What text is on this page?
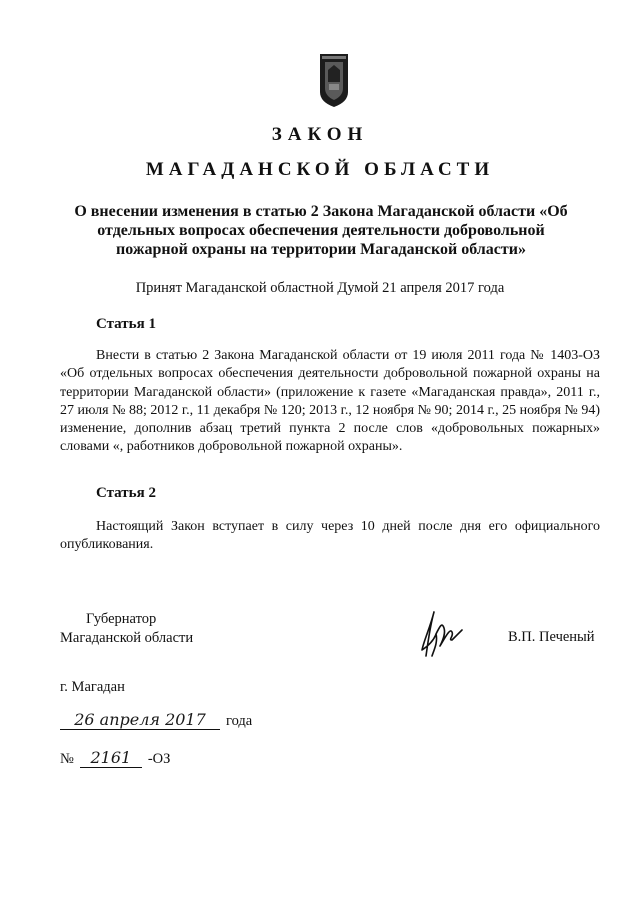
ЗАКОН
МАГАДАНСКОЙ ОБЛАСТИ
О внесении изменения в статью 2 Закона Магаданской области «Об отдельных вопросах обеспечения деятельности добровольной пожарной охраны на территории Магаданской области»
Принят Магаданской областной Думой 21 апреля 2017 года
Статья 1
Внести в статью 2 Закона Магаданской области от 19 июля 2011 года № 1403-ОЗ «Об отдельных вопросах обеспечения деятельности добровольной пожарной охраны на территории Магаданской области» (приложение к газете «Магаданская правда», 2011 г., 27 июля № 88; 2012 г., 11 декабря № 120; 2013 г., 12 ноября № 90; 2014 г., 25 ноября № 94) изменение, дополнив абзац третий пункта 2 после слов «добровольных пожарных» словами «, работников добровольной пожарной охраны».
Статья 2
Настоящий Закон вступает в силу через 10 дней после дня его официального опубликования.
Губернатор
Магаданской области	В.П. Печеный
г. Магадан
26 апреля 2017	года
№	2161	-ОЗ
